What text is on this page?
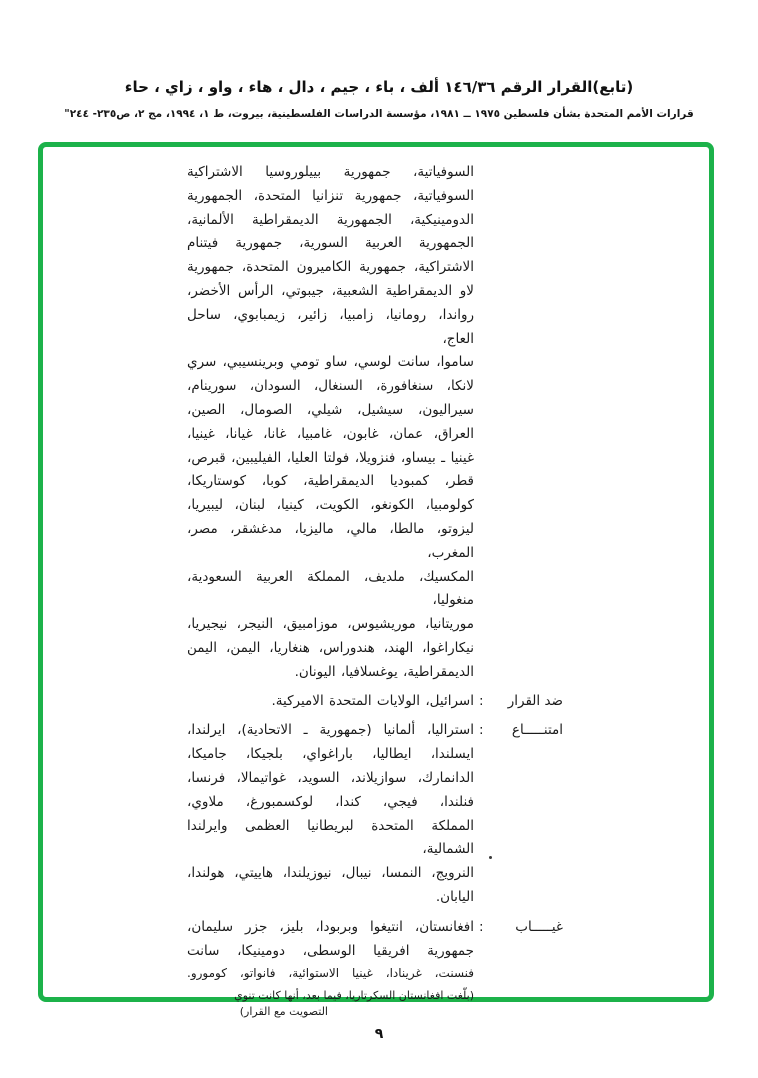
(تابع)القرار الرقم ١٤٦/٣٦ ألف ، باء ، جيم ، دال ، هاء ، واو ، زاي ، حاء
قرارات الأمم المتحدة بشأن فلسطين ١٩٧٥ ــ ١٩٨١، مؤسسة الدراسات الفلسطينية، بيروت، ط ١، ١٩٩٤، مج ٢، ص٢٣٥- ٢٤٤"
السوفياتية، جمهورية بييلوروسيا الاشتراكية
السوفياتية، جمهورية تنزانيا المتحدة، الجمهورية
الدومينيكية، الجمهورية الديمقراطية الألمانية،
الجمهورية العربية السورية، جمهورية فيتنام
الاشتراكية، جمهورية الكاميرون المتحدة، جمهورية
لاو الديمقراطية الشعبية، جيبوتي، الرأس الأخضر،
رواندا، رومانيا، زامبيا، زائير، زيمبابوي، ساحل العاج،
ساموا، سانت لوسي، ساو تومي وبرينسيبي، سري
لانكا، سنغافورة، السنغال، السودان، سورينام،
سيراليون، سيشيل، شيلي، الصومال، الصين،
العراق، عمان، غابون، غامبيا، غانا، غيانا، غينيا،
غينيا ـ بيساو، فنزويلا، فولتا العليا، الفيليبين، قبرص،
قطر، كمبوديا الديمقراطية، كوبا، كوستاريكا،
كولومبيا، الكونغو، الكويت، كينيا، لبنان، ليبيريا،
ليزوتو، مالطا، مالي، ماليزيا، مدغشقر، مصر، المغرب،
المكسيك، ملديف، المملكة العربية السعودية، منغوليا،
موريتانيا، موريشيوس، موزامبيق، النيجر، نيجيريا،
نيكاراغوا، الهند، هندوراس، هنغاريا، اليمن، اليمن
الديمقراطية، يوغسلافيا، اليونان.
ضد القرار
:
اسرائيل، الولايات المتحدة الاميركية.
امتنـــــاع
:
استراليا، ألمانيا (جمهورية ـ الاتحادية)، ايرلندا،
ايسلندا، ايطاليا، باراغواي، بلجيكا، جاميكا،
الدانمارك، سوازيلاند، السويد، غواتيمالا، فرنسا،
فنلندا، فيجي، كندا، لوكسمبورغ، ملاوي،
المملكة المتحدة لبريطانيا العظمى وايرلندا الشمالية،
النرويج، النمسا، نيبال، نيوزيلندا، هاييتي، هولندا،
اليابان.
غيـــــاب
:
افغانستان، انتيغوا وبربودا، بليز، جزر سليمان،
جمهورية افريقيا الوسطى، دومينيكا، سانت
فنسنت، غرينادا، غينيا الاستوائية، فانواتو، كومورو.
(بلّغت افغانستان السكرتاريا، فيما بعد، أنها كانت تنوي
التصويت مع القرار)
٩
